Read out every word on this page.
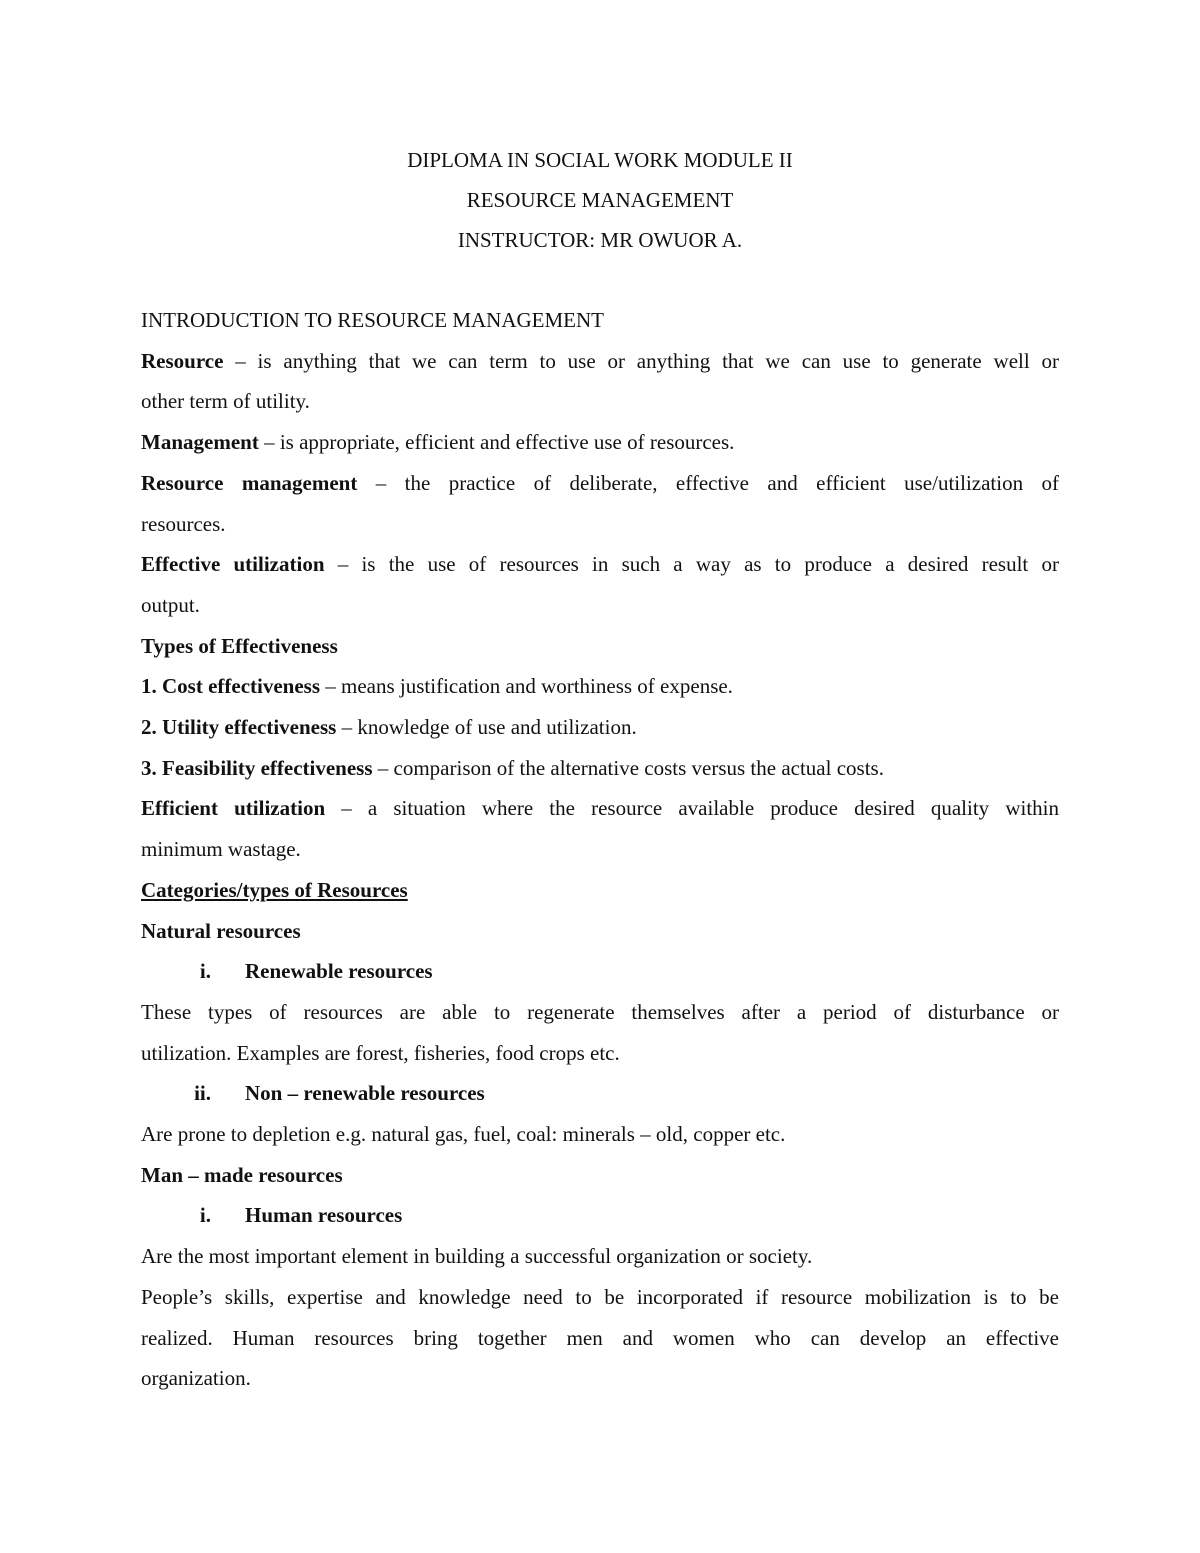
DIPLOMA IN SOCIAL WORK MODULE II
RESOURCE MANAGEMENT
INSTRUCTOR: MR OWUOR A.
INTRODUCTION TO RESOURCE MANAGEMENT
Resource – is anything that we can term to use or anything that we can use to generate well or
other term of utility.
Management – is appropriate, efficient and effective use of resources.
Resource management – the practice of deliberate, effective and efficient use/utilization of
resources.
Effective utilization – is the use of resources in such a way as to produce a desired result or
output.
Types of Effectiveness
1. Cost effectiveness – means justification and worthiness of expense.
2. Utility effectiveness – knowledge of use and utilization.
3. Feasibility effectiveness – comparison of the alternative costs versus the actual costs.
Efficient utilization – a situation where the resource available produce desired quality within
minimum wastage.
Categories/types of Resources
Natural resources
i. Renewable resources
These types of resources are able to regenerate themselves after a period of disturbance or
utilization. Examples are forest, fisheries, food crops etc.
ii. Non – renewable resources
Are prone to depletion e.g. natural gas, fuel, coal: minerals – old, copper etc.
Man – made resources
i. Human resources
Are the most important element in building a successful organization or society.
People’s skills, expertise and knowledge need to be incorporated if resource mobilization is to be
realized. Human resources bring together men and women who can develop an effective
organization.
